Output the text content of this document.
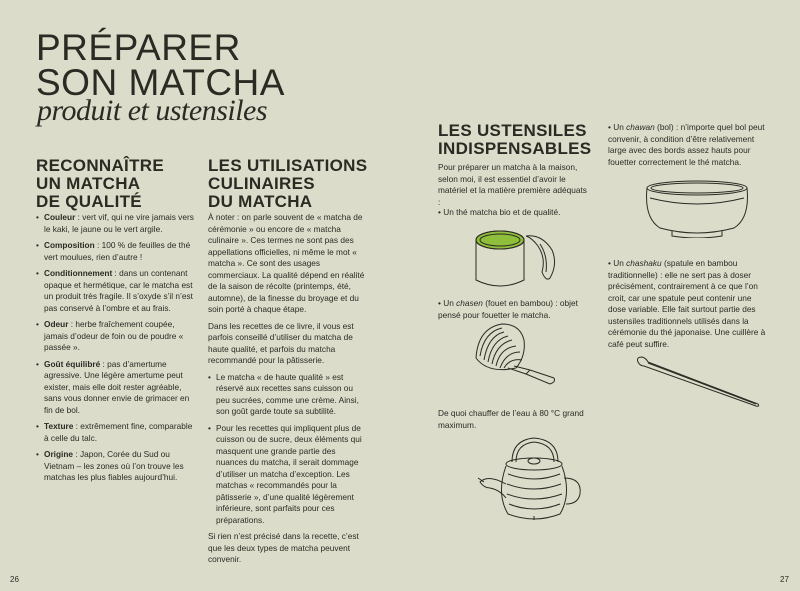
PRÉPARER
SON MATCHA
produit et ustensiles
RECONNAÎTRE
UN MATCHA
DE QUALITÉ
• Couleur : vert vif, qui ne vire jamais vers le kaki, le jaune ou le vert argile.
• Composition : 100 % de feuilles de thé vert moulues, rien d’autre !
• Conditionnement : dans un contenant opaque et hermétique, car le matcha est un produit très fragile. Il s’oxyde s’il n’est pas conservé à l’ombre et au frais.
• Odeur : herbe fraîchement coupée, jamais d’odeur de foin ou de poudre « passée ».
• Goût équilibré : pas d’amertume agressive. Une légère amertume peut exister, mais elle doit rester agréable, sans vous donner envie de grimacer en fin de bol.
• Texture : extrêmement fine, comparable à celle du talc.
• Origine : Japon, Corée du Sud ou Vietnam – les zones où l’on trouve les matchas les plus fiables aujourd’hui.
LES UTILISATIONS
CULINAIRES
DU MATCHA

À noter : on parle souvent de « matcha de cérémonie » ou encore de « matcha culinaire ». Ces termes ne sont pas des appellations officielles, ni même le mot « matcha ». Ce sont des usages commerciaux. La qualité dépend en réalité de la saison de récolte (printemps, été, automne), de la finesse du broyage et du soin porté à chaque étape.

Dans les recettes de ce livre, il vous est parfois conseillé d’utiliser du matcha de haute qualité, et parfois du matcha recommandé pour la pâtisserie.

• Le matcha « de haute qualité » est réservé aux recettes sans cuisson ou peu sucrées, comme une crème. Ainsi, son goût garde toute sa subtilité.
• Pour les recettes qui impliquent plus de cuisson ou de sucre, deux éléments qui masquent une grande partie des nuances du matcha, il serait dommage d’utiliser un matcha d’exception. Les matchas « recommandés pour la pâtisserie », d’une qualité légèrement inférieure, sont parfaits pour ces préparations.

Si rien n’est précisé dans la recette, c’est que les deux types de matcha peuvent convenir.

LES USTENSILES
INDISPENSABLES
Pour préparer un matcha à la maison, selon moi, il est essentiel d’avoir le matériel et la matière première adéquats :
• Un thé matcha bio et de qualité.
• Un chasen (fouet en bambou) : objet pensé pour fouetter le matcha.
De quoi chauffer de l’eau à 80 °C grand maximum.
• Un chawan (bol) : n’importe quel bol peut convenir, à condition d’être relativement large avec des bords assez hauts pour fouetter correctement le thé matcha.
• Un chashaku (spatule en bambou traditionnelle) : elle ne sert pas à doser précisément, contrairement à ce que l’on croit, car une spatule peut contenir une dose variable. Elle fait surtout partie des ustensiles traditionnels utilisés dans la cérémonie du thé japonaise. Une cuillère à café peut suffire.
26	27
